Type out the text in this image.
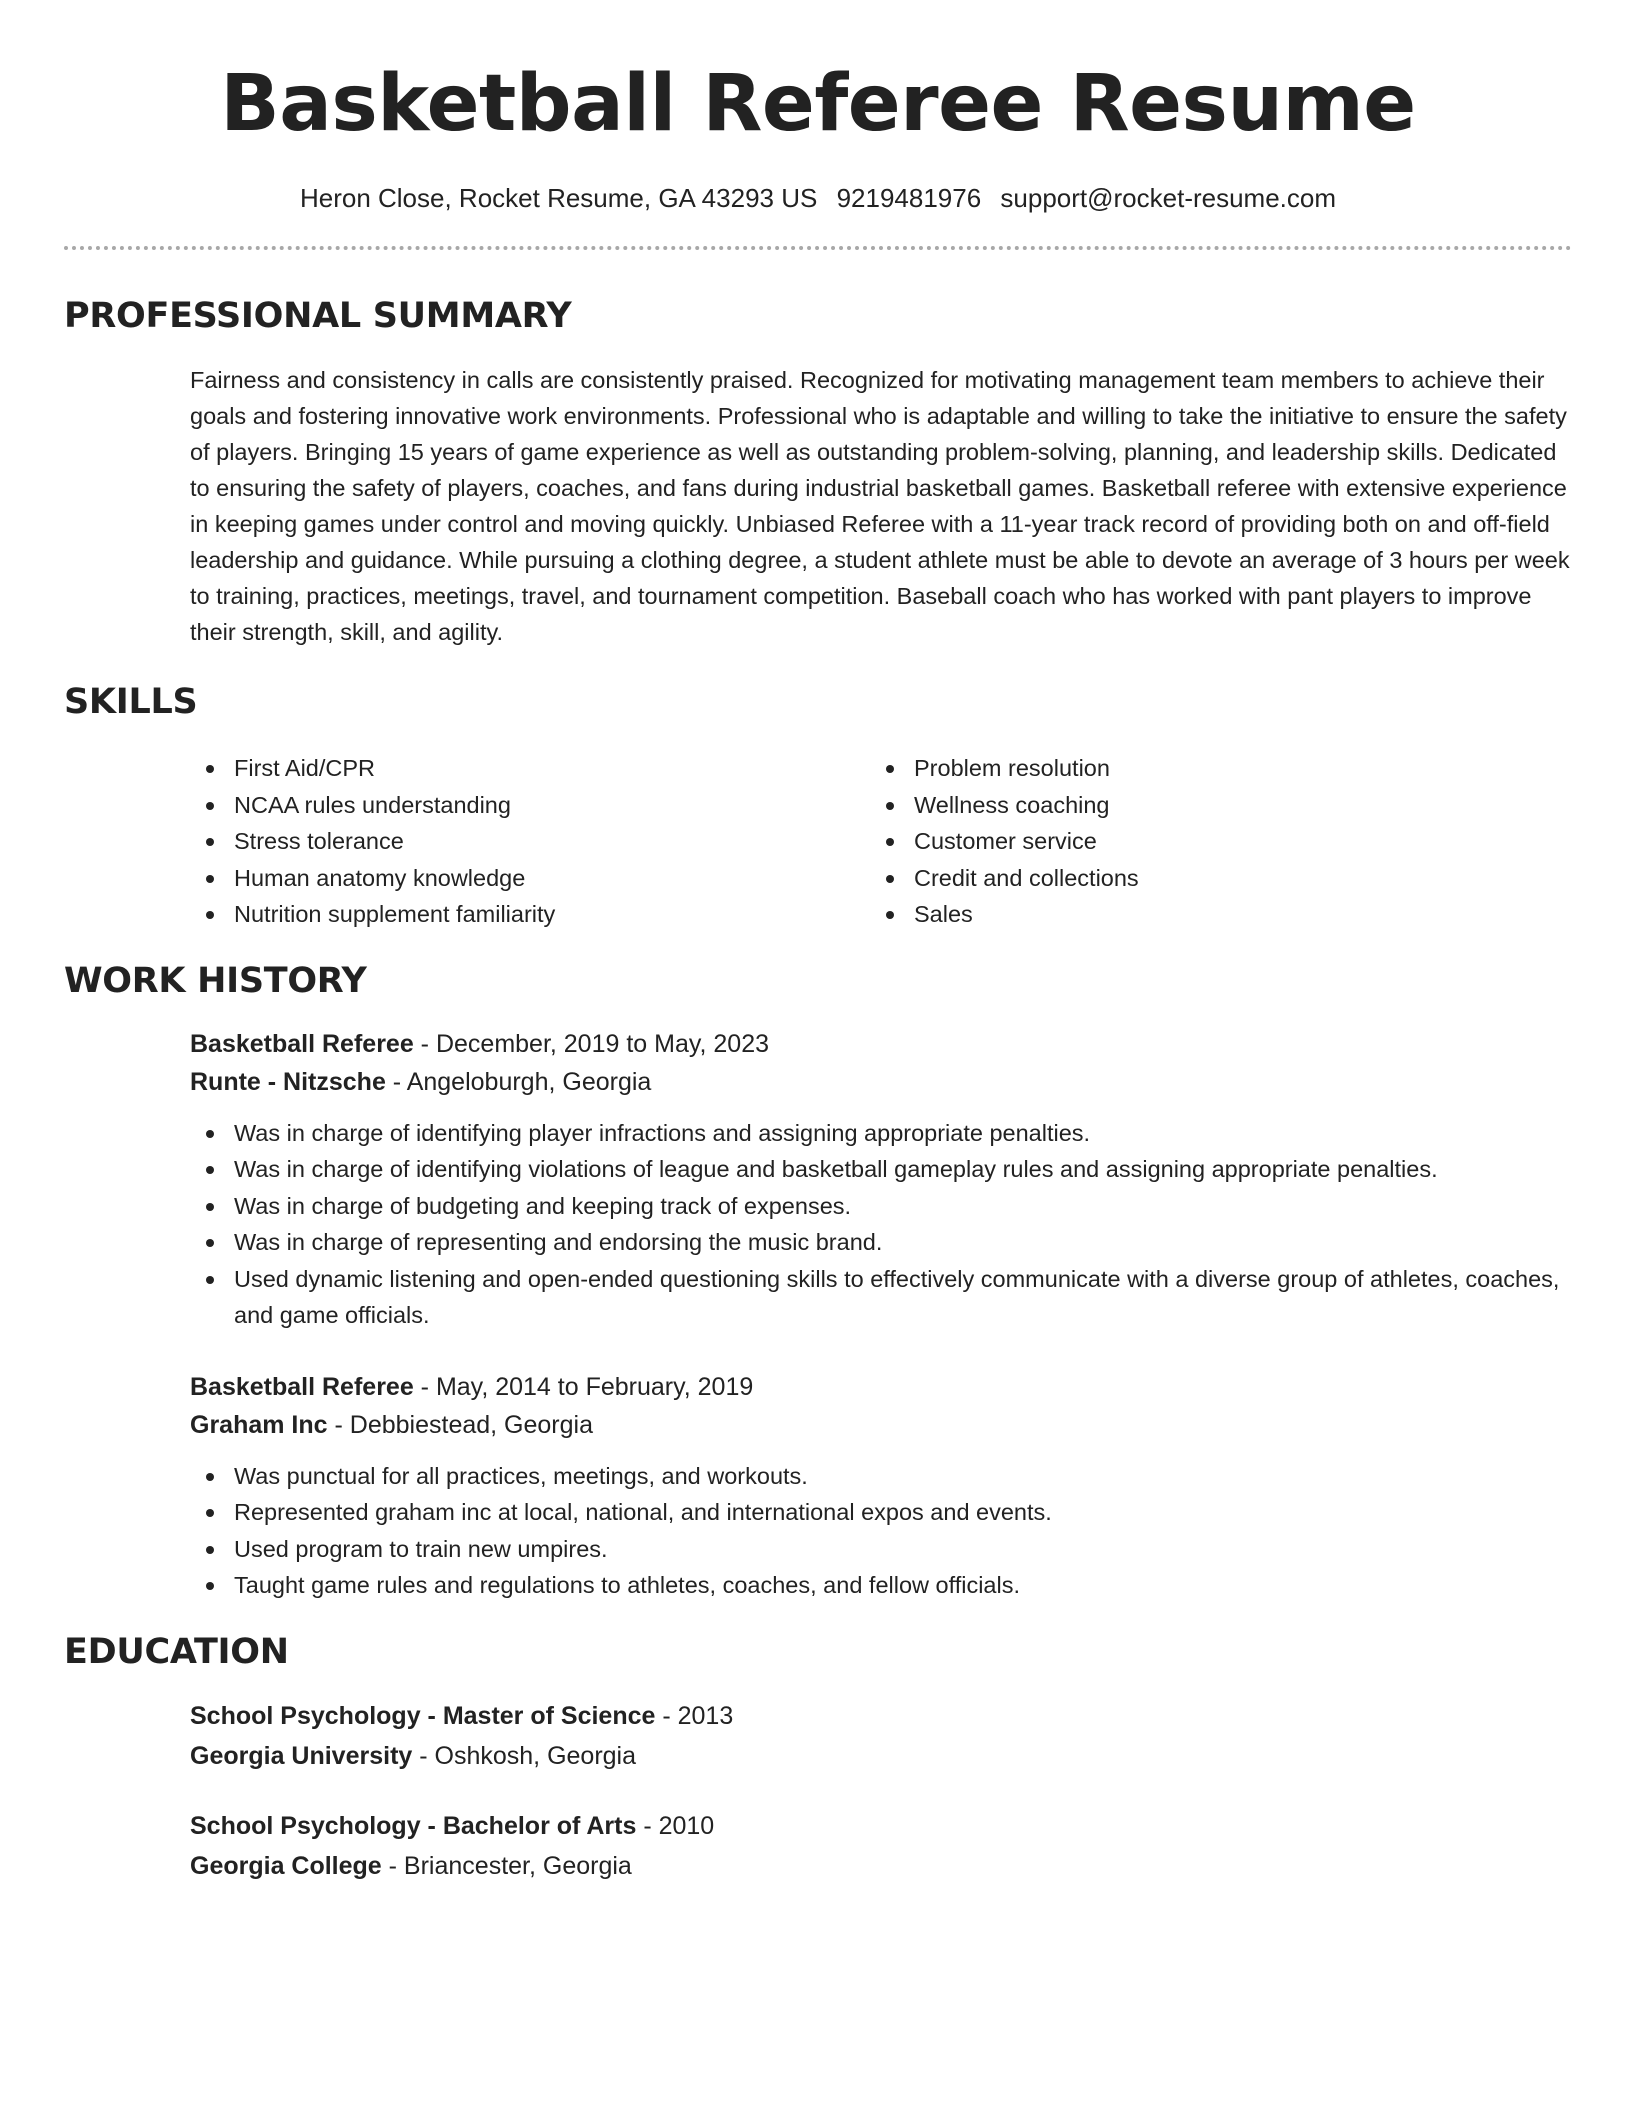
Basketball Referee Resume
Heron Close, Rocket Resume, GA 43293 US 9219481976 support@rocket-resume.com
PROFESSIONAL SUMMARY

Fairness and consistency in calls are consistently praised. Recognized for motivating management team members to achieve their goals and fostering innovative work environments. Professional who is adaptable and willing to take the initiative to ensure the safety of players. Bringing 15 years of game experience as well as outstanding problem-solving, planning, and leadership skills. Dedicated to ensuring the safety of players, coaches, and fans during industrial basketball games. Basketball referee with extensive experience in keeping games under control and moving quickly. Unbiased Referee with a 11-year track record of providing both on and off-field leadership and guidance. While pursuing a clothing degree, a student athlete must be able to devote an average of 3 hours per week to training, practices, meetings, travel, and tournament competition. Baseball coach who has worked with pant players to improve their strength, skill, and agility.

SKILLS
First Aid/CPR
NCAA rules understanding
Stress tolerance
Human anatomy knowledge
Nutrition supplement familiarity
Problem resolution
Wellness coaching
Customer service
Credit and collections
Sales
WORK HISTORY
Basketball Referee - December, 2019 to May, 2023
Runte - Nitzsche - Angeloburgh, Georgia
Was in charge of identifying player infractions and assigning appropriate penalties.
Was in charge of identifying violations of league and basketball gameplay rules and assigning appropriate penalties.
Was in charge of budgeting and keeping track of expenses.
Was in charge of representing and endorsing the music brand.
Used dynamic listening and open-ended questioning skills to effectively communicate with a diverse group of athletes, coaches, and game officials.
Basketball Referee - May, 2014 to February, 2019
Graham Inc - Debbiestead, Georgia
Was punctual for all practices, meetings, and workouts.
Represented graham inc at local, national, and international expos and events.
Used program to train new umpires.
Taught game rules and regulations to athletes, coaches, and fellow officials.
EDUCATION
School Psychology - Master of Science - 2013
Georgia University - Oshkosh, Georgia
School Psychology - Bachelor of Arts - 2010
Georgia College - Briancester, Georgia
